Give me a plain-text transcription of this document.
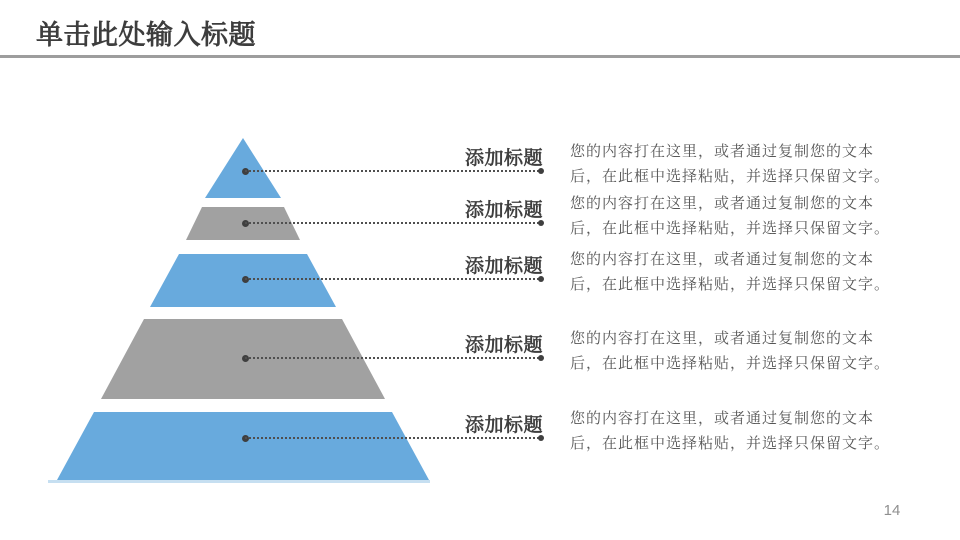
单击此处输入标题
添加标题 您的内容打在这里，或者通过复制您的文本
后，在此框中选择粘贴，并选择只保留文字。
添加标题 您的内容打在这里，或者通过复制您的文本
后，在此框中选择粘贴，并选择只保留文字。
添加标题 您的内容打在这里，或者通过复制您的文本
后，在此框中选择粘贴，并选择只保留文字。
添加标题 您的内容打在这里，或者通过复制您的文本
后，在此框中选择粘贴，并选择只保留文字。
添加标题 您的内容打在这里，或者通过复制您的文本
后，在此框中选择粘贴，并选择只保留文字。
14
